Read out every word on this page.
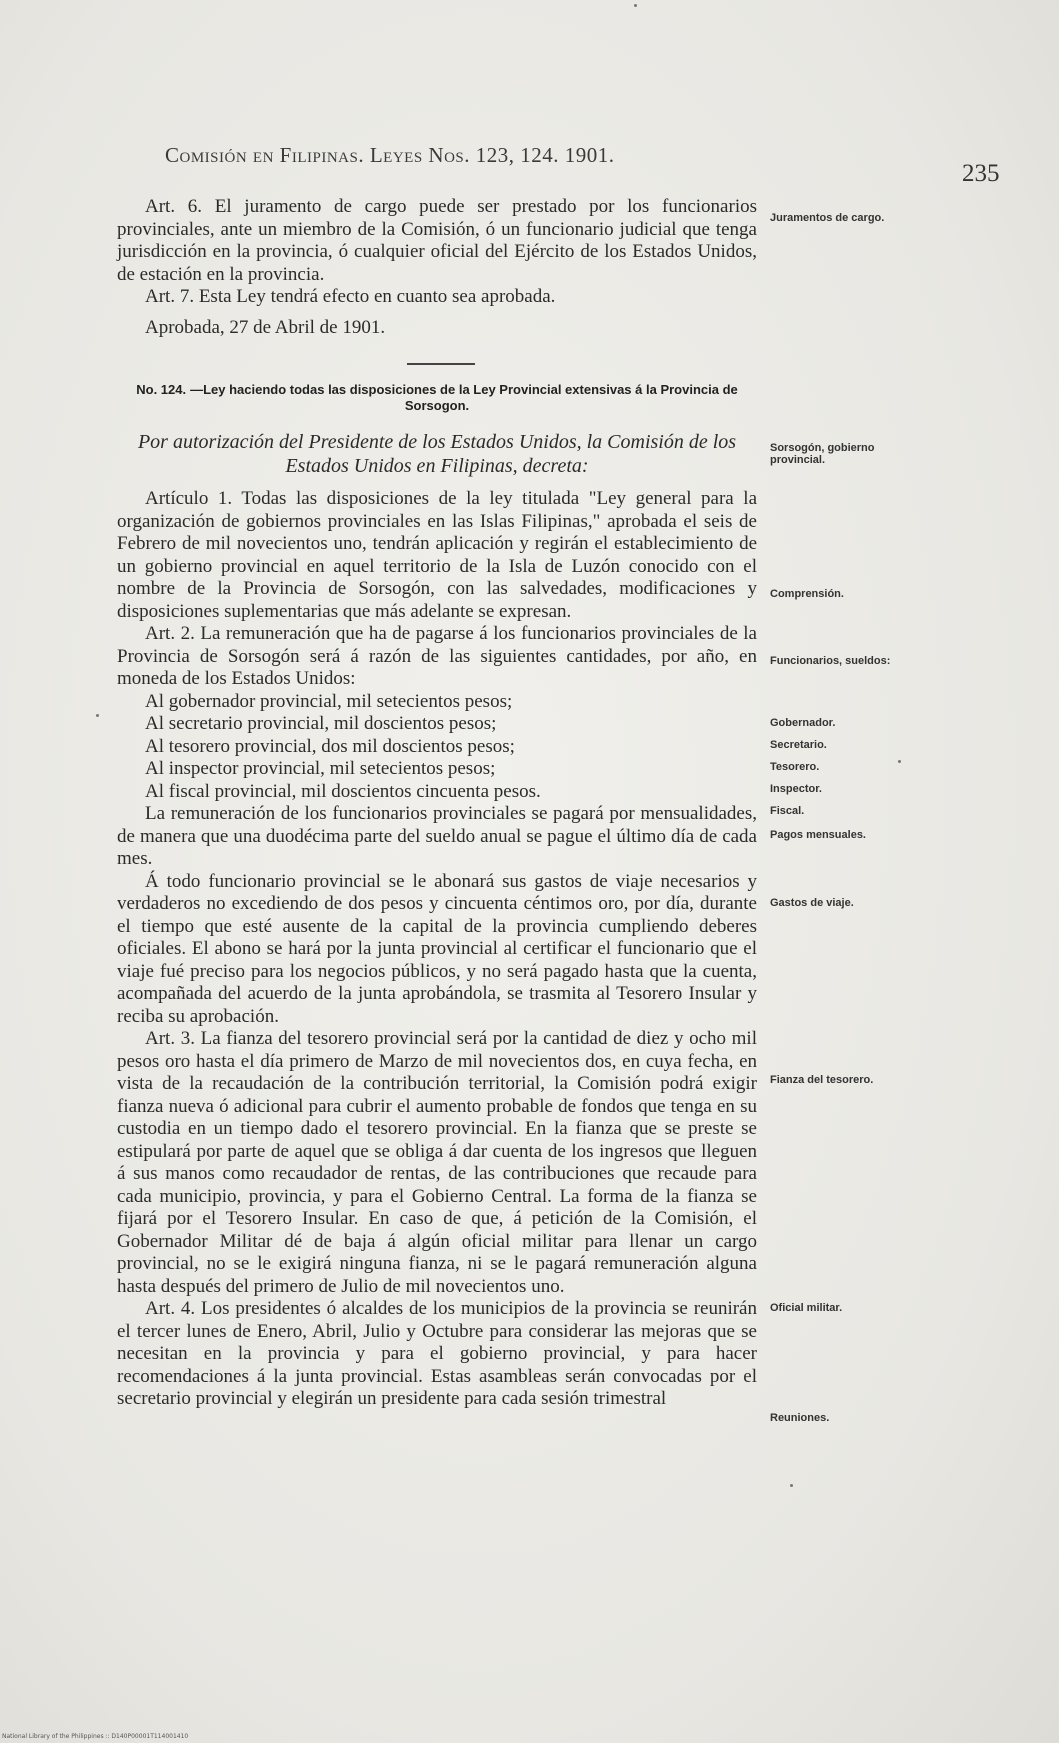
Comisión en Filipinas. Leyes Nos. 123, 124. 1901.
235

Art. 6. El juramento de cargo puede ser prestado por los funcionarios provinciales, ante un miembro de la Comisión, ó un funcionario judicial que tenga jurisdicción en la provincia, ó cualquier oficial del Ejército de los Estados Unidos, de estación en la provincia.

Art. 7. Esta Ley tendrá efecto en cuanto sea aprobada.

Aprobada, 27 de Abril de 1901.

No. 124. —Ley haciendo todas las disposiciones de la Ley Provincial extensivas á la Provincia de Sorsogon.
Por autorización del Presidente de los Estados Unidos, la Comisión de los Estados Unidos en Filipinas, decreta:

Artículo 1. Todas las disposiciones de la ley titulada "Ley general para la organización de gobiernos provinciales en las Islas Filipinas," aprobada el seis de Febrero de mil novecientos uno, tendrán aplicación y regirán el establecimiento de un gobierno provincial en aquel territorio de la Isla de Luzón conocido con el nombre de la Provincia de Sorsogón, con las salvedades, modificaciones y disposiciones suplementarias que más adelante se expresan.

Art. 2. La remuneración que ha de pagarse á los funcionarios provinciales de la Provincia de Sorsogón será á razón de las siguientes cantidades, por año, en moneda de los Estados Unidos:

Al gobernador provincial, mil setecientos pesos;
Al secretario provincial, mil doscientos pesos;
Al tesorero provincial, dos mil doscientos pesos;
Al inspector provincial, mil setecientos pesos;
Al fiscal provincial, mil doscientos cincuenta pesos.

La remuneración de los funcionarios provinciales se pagará por mensualidades, de manera que una duodécima parte del sueldo anual se pague el último día de cada mes.

Á todo funcionario provincial se le abonará sus gastos de viaje necesarios y verdaderos no excediendo de dos pesos y cincuenta céntimos oro, por día, durante el tiempo que esté ausente de la capital de la provincia cumpliendo deberes oficiales. El abono se hará por la junta provincial al certificar el funcionario que el viaje fué preciso para los negocios públicos, y no será pagado hasta que la cuenta, acompañada del acuerdo de la junta aprobándola, se trasmita al Tesorero Insular y reciba su aprobación.

Art. 3. La fianza del tesorero provincial será por la cantidad de diez y ocho mil pesos oro hasta el día primero de Marzo de mil novecientos dos, en cuya fecha, en vista de la recaudación de la contribución territorial, la Comisión podrá exigir fianza nueva ó adicional para cubrir el aumento probable de fondos que tenga en su custodia en un tiempo dado el tesorero provincial. En la fianza que se preste se estipulará por parte de aquel que se obliga á dar cuenta de los ingresos que lleguen á sus manos como recaudador de rentas, de las contribuciones que recaude para cada municipio, provincia, y para el Gobierno Central. La forma de la fianza se fijará por el Tesorero Insular. En caso de que, á petición de la Comisión, el Gobernador Militar dé de baja á algún oficial militar para llenar un cargo provincial, no se le exigirá ninguna fianza, ni se le pagará remuneración alguna hasta después del primero de Julio de mil novecientos uno.

Art. 4. Los presidentes ó alcaldes de los municipios de la provincia se reunirán el tercer lunes de Enero, Abril, Julio y Octubre para considerar las mejoras que se necesitan en la provincia y para el gobierno provincial, y para hacer recomendaciones á la junta provincial. Estas asambleas serán convocadas por el secretario provincial y elegirán un presidente para cada sesión trimestral

Juramentos de cargo.
Sorsogón, gobierno provincial.
Comprensión.
Funcionarios, sueldos:
Gobernador.
Secretario.
Tesorero.
Inspector.
Fiscal.
Pagos mensuales.
Gastos de viaje.
Fianza del tesorero.
Oficial militar.
Reuniones.
National Library of the Philippines :: D140P00001T114001410
